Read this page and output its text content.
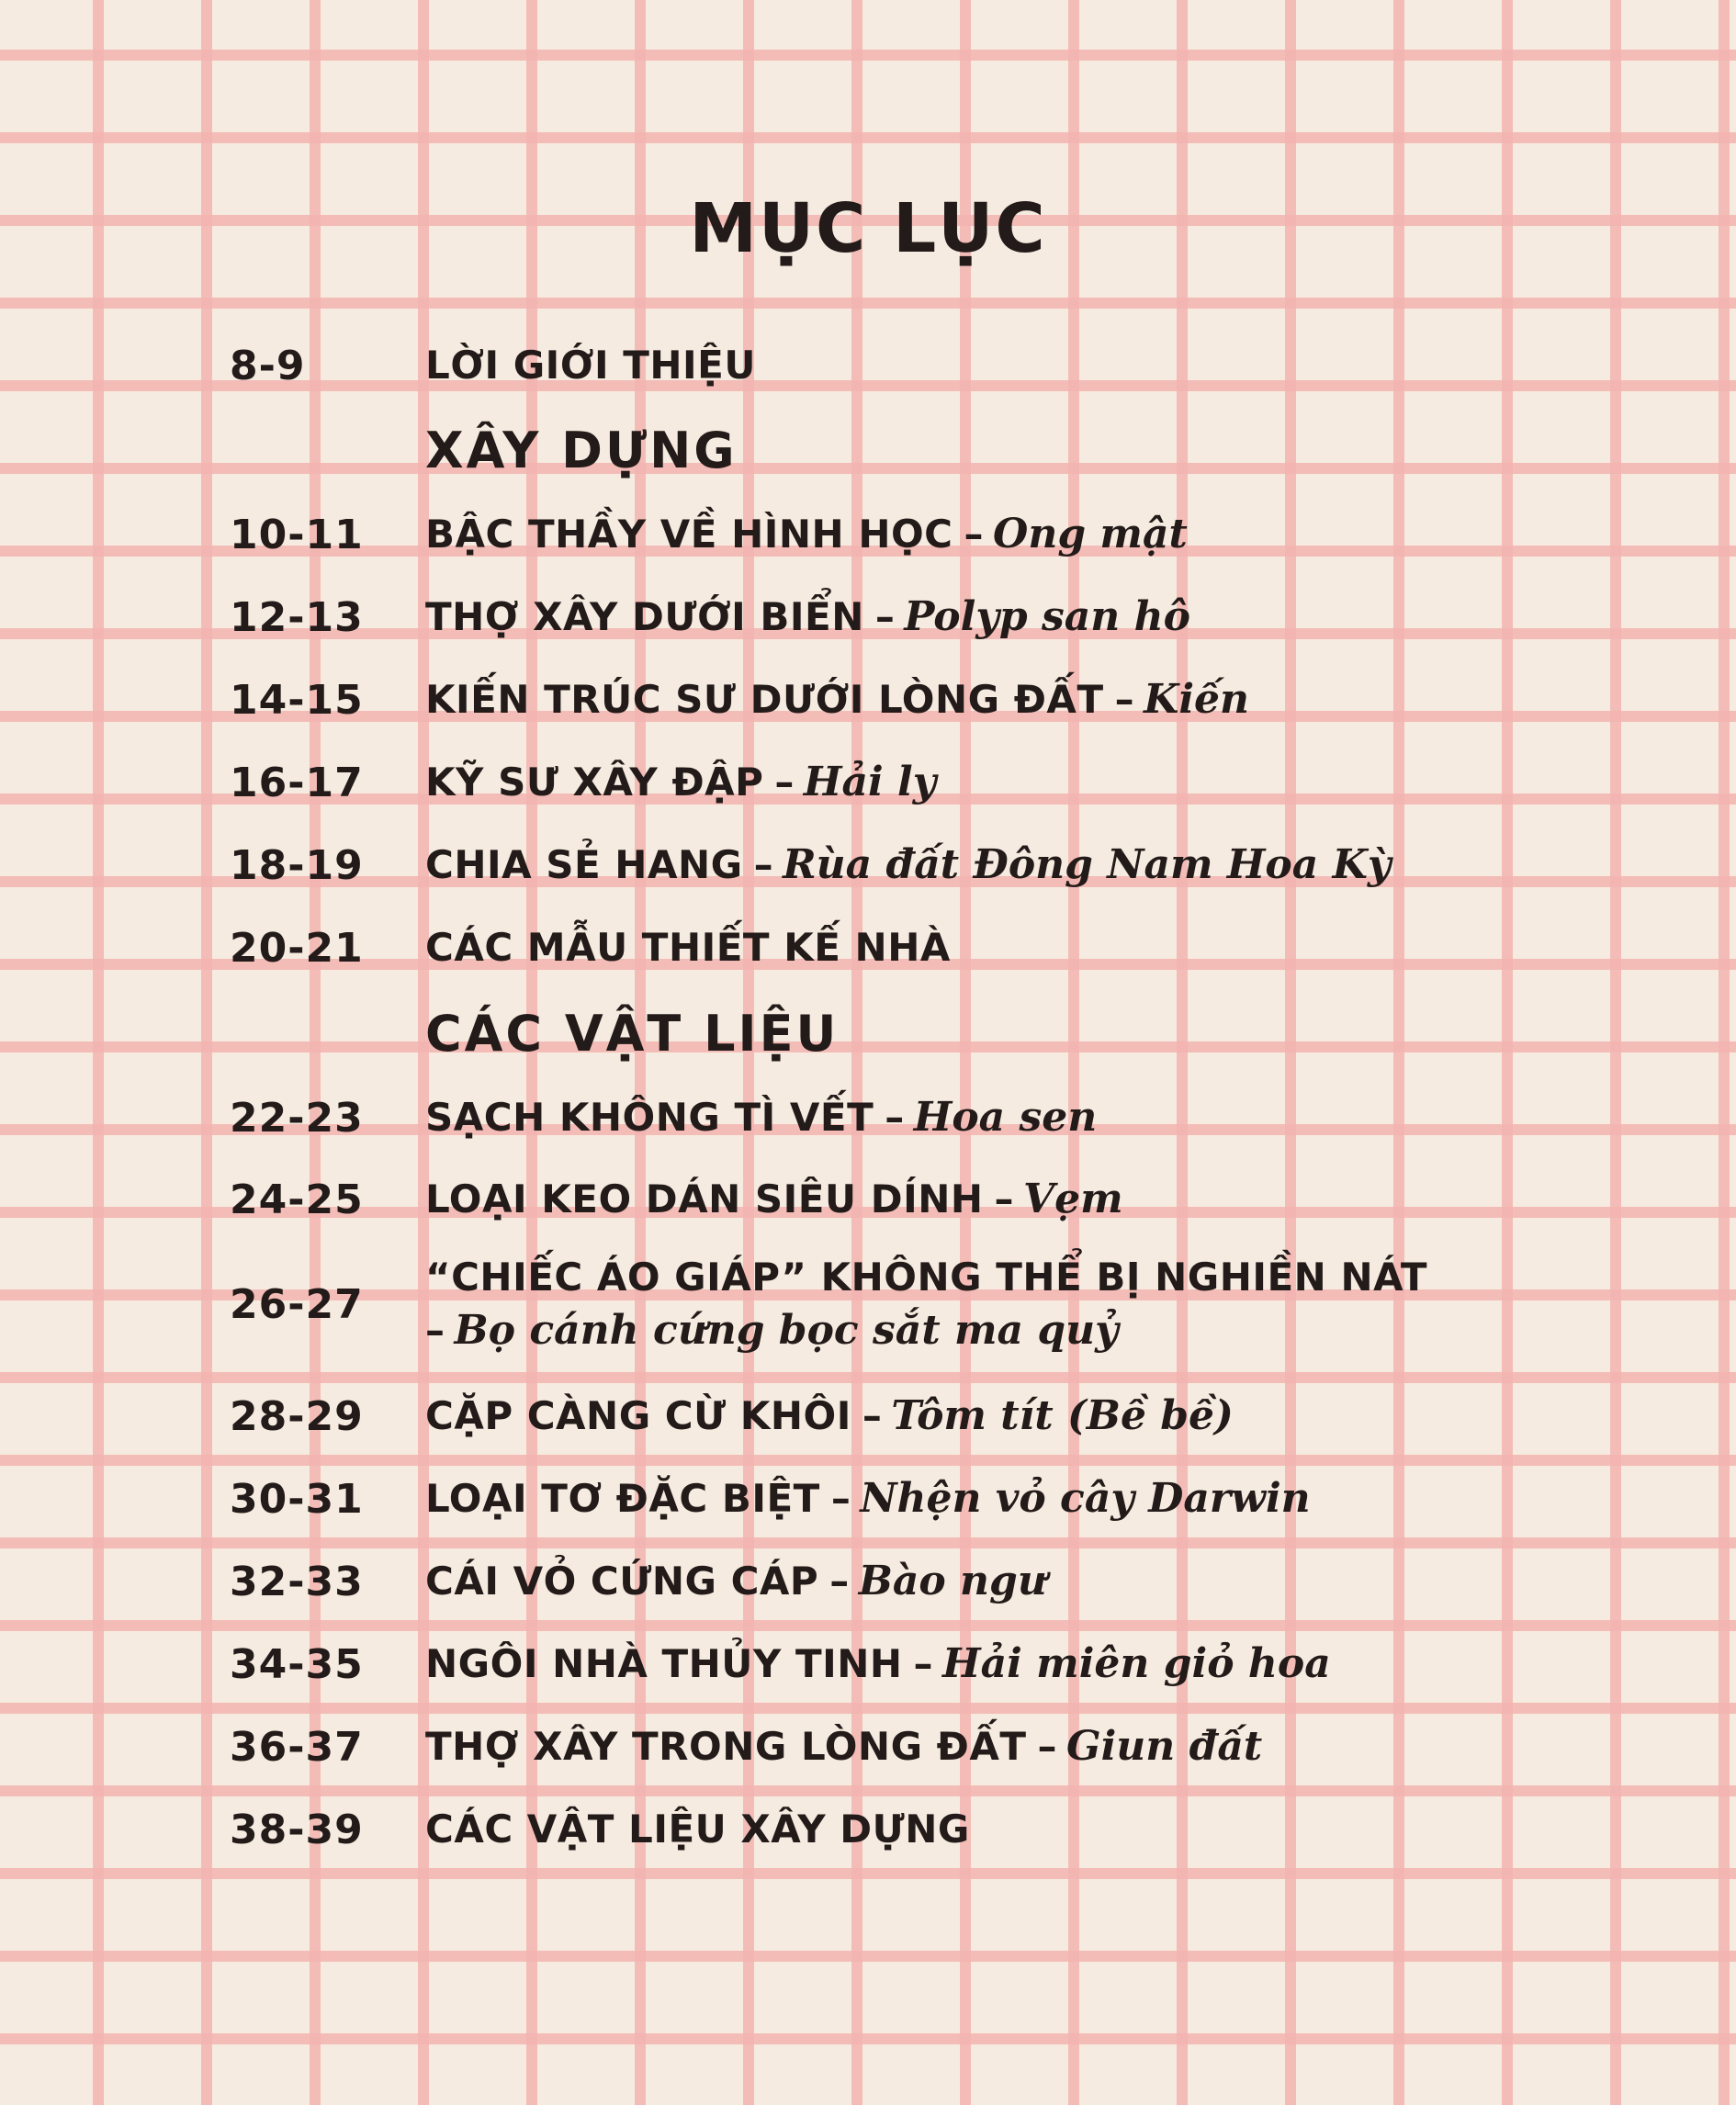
MỤC LỤC
8-9	LỜI GIỚI THIỆU
XÂY DỰNG
10-11	BẬC THẦY VỀ HÌNH HỌC – Ong mật
12-13	THỢ XÂY DƯỚI BIỂN – Polyp san hô
14-15	KIẾN TRÚC SƯ DƯỚI LÒNG ĐẤT – Kiến
16-17	KỸ SƯ XÂY ĐẬP – Hải ly
18-19	CHIA SẺ HANG – Rùa đất Đông Nam Hoa Kỳ
20-21	CÁC MẪU THIẾT KẾ NHÀ
CÁC VẬT LIỆU
22-23	SẠCH KHÔNG TÌ VẾT – Hoa sen
24-25	LOẠI KEO DÁN SIÊU DÍNH – Vẹm
26-27
“CHIẾC ÁO GIÁP” KHÔNG THỂ BỊ NGHIỀN NÁT
– Bọ cánh cứng bọc sắt ma quỷ
28-29	CẶP CÀNG CỪ KHÔI – Tôm tít (Bề bề)
30-31	LOẠI TƠ ĐẶC BIỆT – Nhện vỏ cây Darwin
32-33	CÁI VỎ CỨNG CÁP – Bào ngư
34-35	NGÔI NHÀ THỦY TINH – Hải miên giỏ hoa
36-37	THỢ XÂY TRONG LÒNG ĐẤT – Giun đất
38-39	CÁC VẬT LIỆU XÂY DỰNG
